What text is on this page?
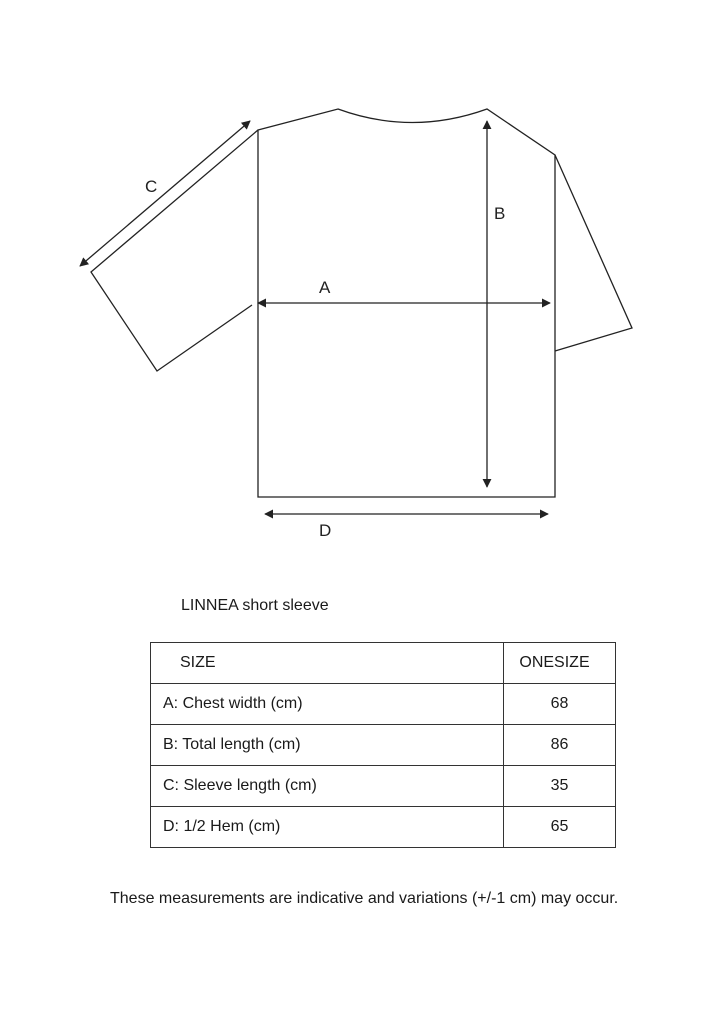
A
B
C
D
LINNEA short sleeve
SIZE	ONESIZE
A: Chest width (cm)	68
B: Total length (cm)	86
C: Sleeve length (cm)	35
D: 1/2 Hem (cm)	65
These measurements are indicative and variations (+/-1 cm) may occur.
